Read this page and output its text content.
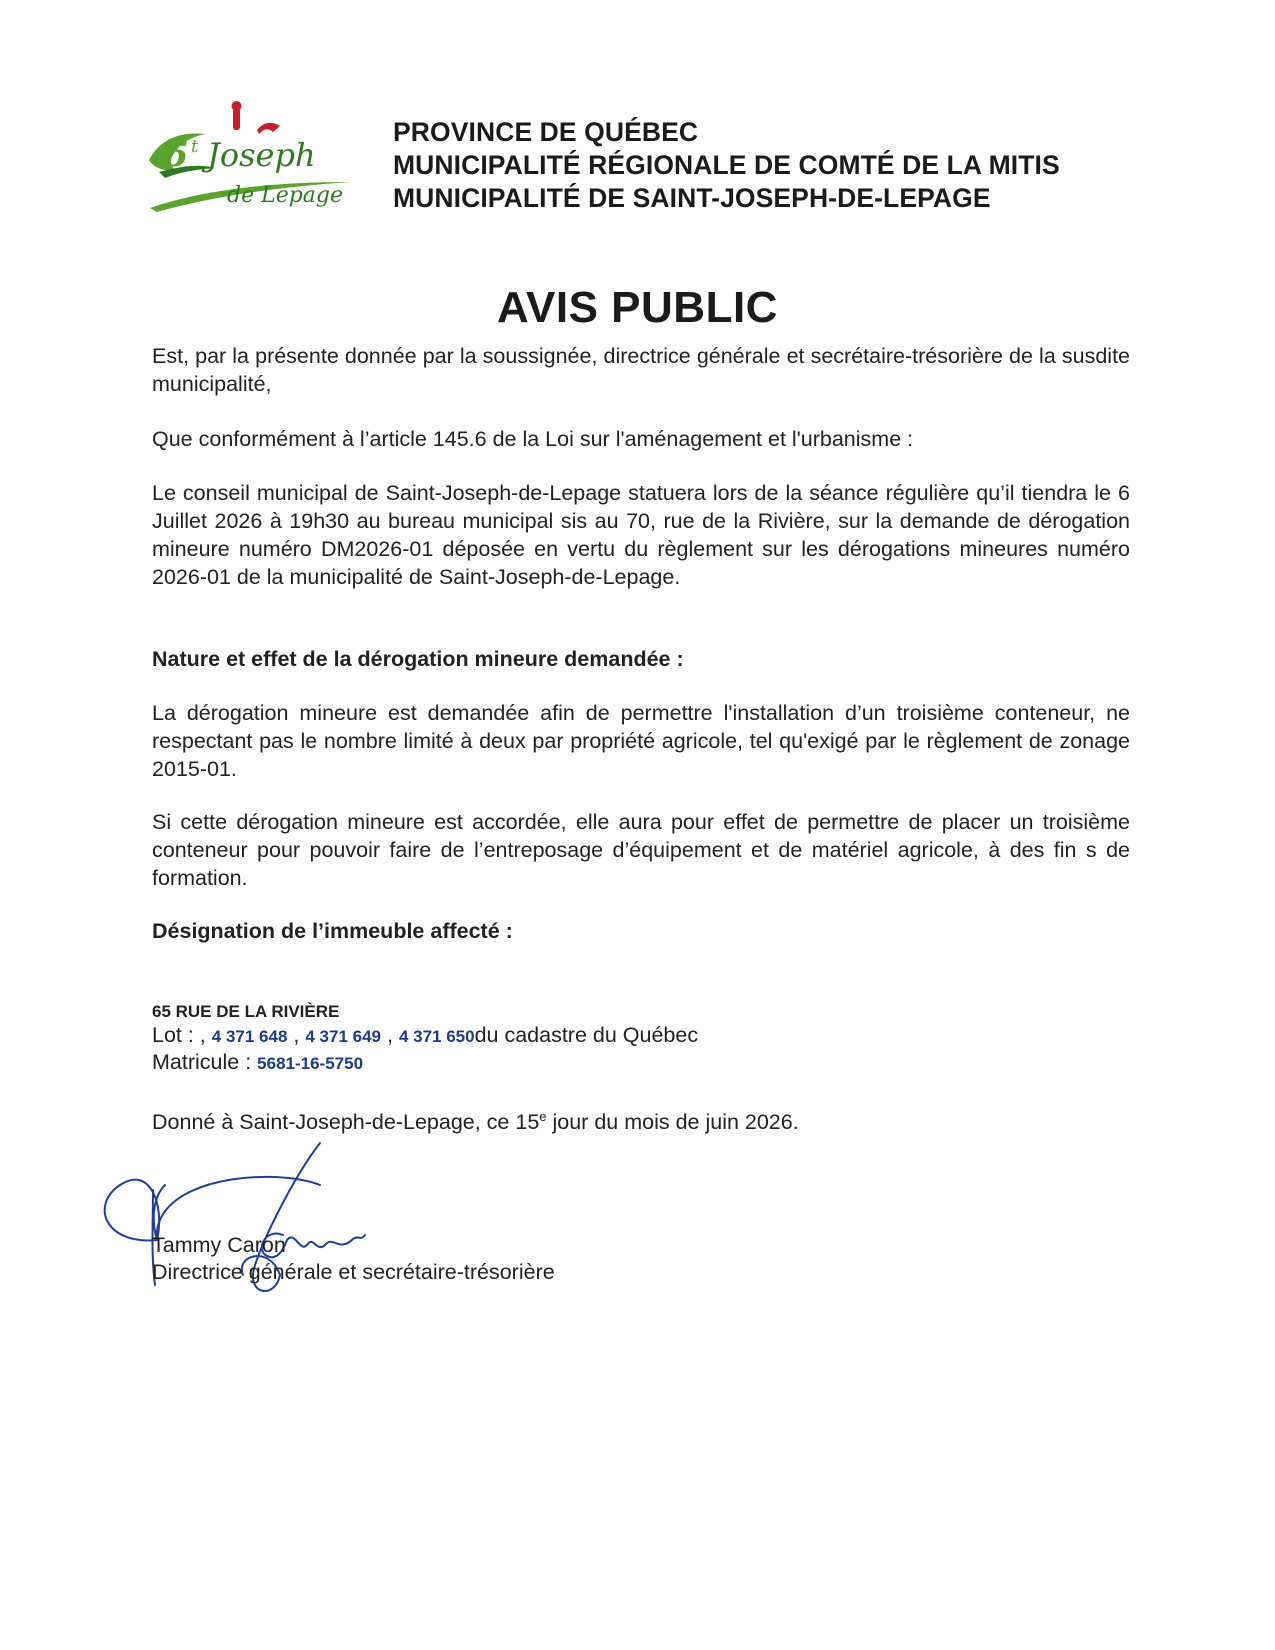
5 t Joseph
de Lepage
PROVINCE DE QUÉBEC
MUNICIPALITÉ RÉGIONALE DE COMTÉ DE LA MITIS
MUNICIPALITÉ DE SAINT-JOSEPH-DE-LEPAGE
AVIS PUBLIC

Est, par la présente donnée par la soussignée, directrice générale et secrétaire-trésorière de la susdite municipalité,

Que conformément à l’article 145.6 de la Loi sur l'aménagement et l'urbanisme :

Le conseil municipal de Saint-Joseph-de-Lepage statuera lors de la séance régulière qu’il tiendra le 6 Juillet 2026 à 19h30 au bureau municipal sis au 70, rue de la Rivière, sur la demande de dérogation mineure numéro DM2026-01 déposée en vertu du règlement sur les dérogations mineures numéro 2026-01 de la municipalité de Saint-Joseph-de-Lepage.

Nature et effet de la dérogation mineure demandée :

La dérogation mineure est demandée afin de permettre l'installation d’un troisième conteneur, ne respectant pas le nombre limité à deux par propriété agricole, tel qu'exigé par le règlement de zonage 2015-01.

Si cette dérogation mineure est accordée, elle aura pour effet de permettre de placer un troisième conteneur pour pouvoir faire de l’entreposage d’équipement et de matériel agricole, à des fin s de formation.

Désignation de l’immeuble affecté :

65 RUE DE LA RIVIÈRE
Lot : , 4 371 648 , 4 371 649 , 4 371 650du cadastre du Québec
Matricule : 5681-16-5750
Donné à Saint-Joseph-de-Lepage, ce 15e jour du mois de juin 2026.
Tammy Caron
Directrice générale et secrétaire-trésorière
